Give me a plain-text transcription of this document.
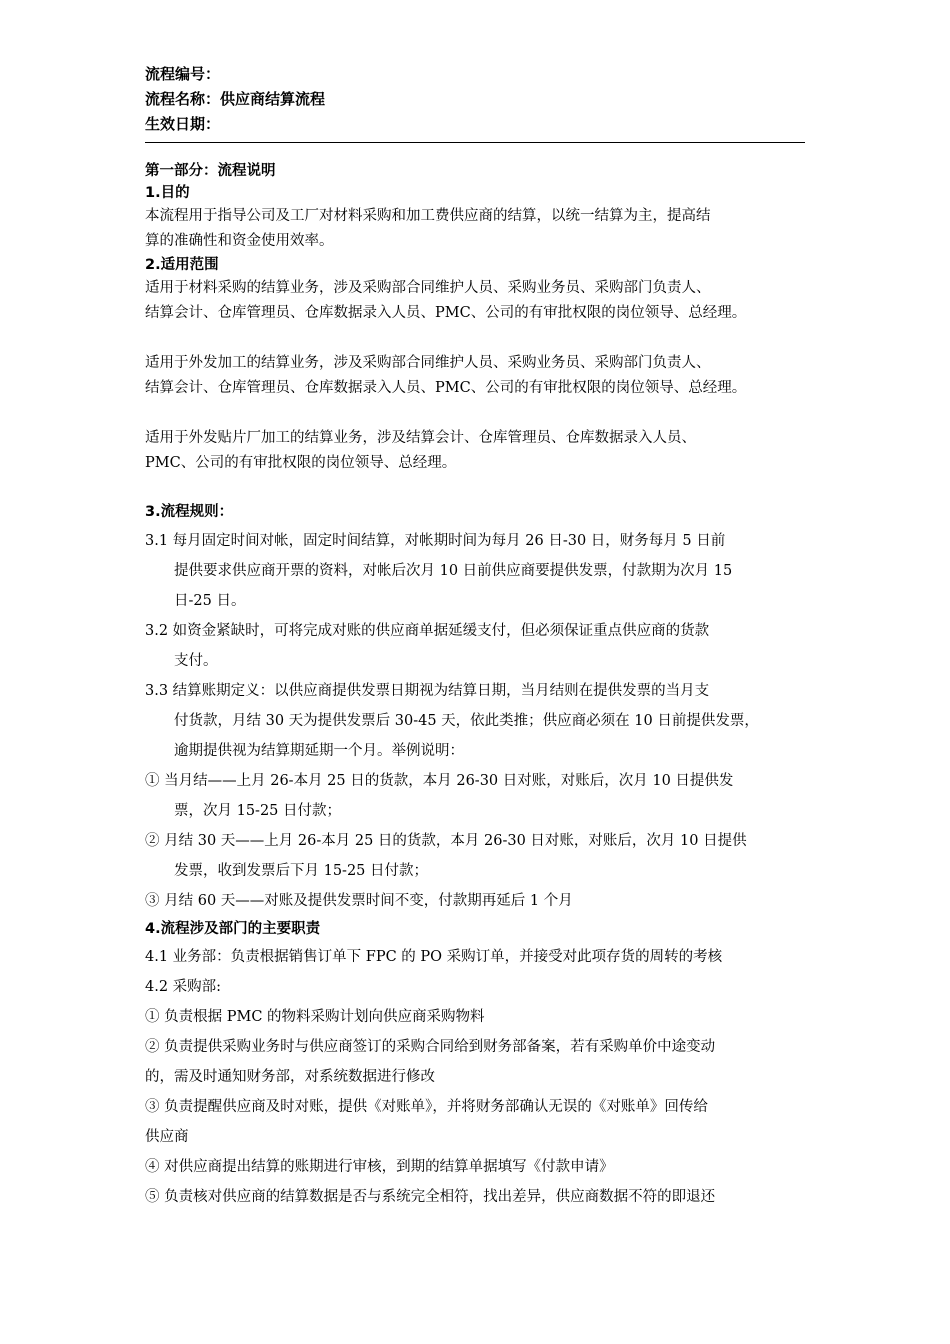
流程编号：
流程名称：供应商结算流程
生效日期：
第一部分：流程说明
1.目的
本流程用于指导公司及工厂对材料采购和加工费供应商的结算，以统一结算为主，提高结
算的准确性和资金使用效率。
2.适用范围
适用于材料采购的结算业务，涉及采购部合同维护人员、采购业务员、采购部门负责人、
结算会计、仓库管理员、仓库数据录入人员、PMC、公司的有审批权限的岗位领导、总经理。
适用于外发加工的结算业务，涉及采购部合同维护人员、采购业务员、采购部门负责人、
结算会计、仓库管理员、仓库数据录入人员、PMC、公司的有审批权限的岗位领导、总经理。
适用于外发贴片厂加工的结算业务，涉及结算会计、仓库管理员、仓库数据录入人员、
PMC、公司的有审批权限的岗位领导、总经理。
3.流程规则：
3.1 每月固定时间对帐，固定时间结算，对帐期时间为每月 26 日-30 日，财务每月 5 日前
提供要求供应商开票的资料，对帐后次月 10 日前供应商要提供发票，付款期为次月 15
日-25 日。
3.2 如资金紧缺时，可将完成对账的供应商单据延缓支付，但必须保证重点供应商的货款
支付。
3.3 结算账期定义：以供应商提供发票日期视为结算日期，当月结则在提供发票的当月支
付货款，月结 30 天为提供发票后 30-45 天，依此类推；供应商必须在 10 日前提供发票，
逾期提供视为结算期延期一个月。举例说明：
① 当月结——上月 26-本月 25 日的货款，本月 26-30 日对账，对账后，次月 10 日提供发
票，次月 15-25 日付款；
② 月结 30 天——上月 26-本月 25 日的货款，本月 26-30 日对账，对账后，次月 10 日提供
发票，收到发票后下月 15-25 日付款；
③ 月结 60 天——对账及提供发票时间不变，付款期再延后 1 个月
4.流程涉及部门的主要职责
4.1 业务部：负责根据销售订单下 FPC 的 PO 采购订单，并接受对此项存货的周转的考核
4.2 采购部:
① 负责根据 PMC 的物料采购计划向供应商采购物料
② 负责提供采购业务时与供应商签订的采购合同给到财务部备案，若有采购单价中途变动
的，需及时通知财务部，对系统数据进行修改
③ 负责提醒供应商及时对账，提供《对账单》，并将财务部确认无误的《对账单》回传给
供应商
④ 对供应商提出结算的账期进行审核，到期的结算单据填写《付款申请》
⑤ 负责核对供应商的结算数据是否与系统完全相符，找出差异，供应商数据不符的即退还
